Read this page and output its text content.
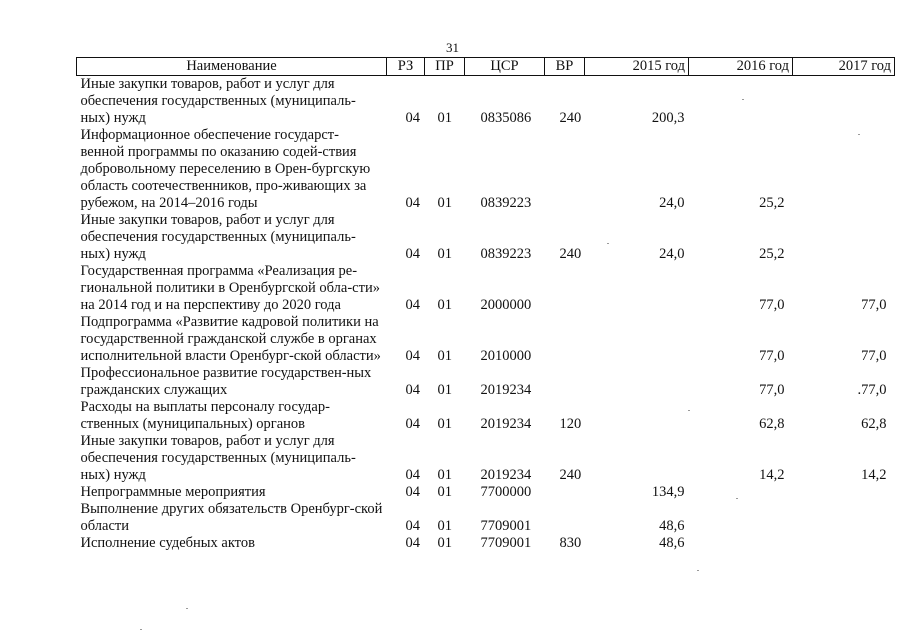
31
Наименование	РЗ	ПР	ЦСР	ВР	2015 год	2016 год	2017 год
Иные закупки товаров, работ и услуг для обеспечения государственных (муниципаль-ных) нужд	04	01	0835086	240	200,3		
Информационное обеспечение государст-венной программы по оказанию содей-ствия добровольному переселению в Орен-бургскую область соотечественников, про-живающих за рубежом, на 2014–2016 годы	04	01	0839223		24,0	25,2	
Иные закупки товаров, работ и услуг для обеспечения государственных (муниципаль-ных) нужд	04	01	0839223	240	24,0	25,2	
Государственная программа «Реализация ре-гиональной политики в Оренбургской обла-сти» на 2014 год и на перспективу до 2020 года	04	01	2000000			77,0	77,0
Подпрограмма «Развитие кадровой политики на государственной гражданской службе в органах исполнительной власти Оренбург-ской области»	04	01	2010000			77,0	77,0
Профессиональное развитие государствен-ных гражданских служащих	04	01	2019234			77,0	.77,0
Расходы на выплаты персоналу государ-ственных (муниципальных) органов	04	01	2019234	120		62,8	62,8
Иные закупки товаров, работ и услуг для обеспечения государственных (муниципаль-ных) нужд	04	01	2019234	240		14,2	14,2
Непрограммные мероприятия	04	01	7700000		134,9		
Выполнение других обязательств Оренбург-ской области	04	01	7709001		48,6		
Исполнение судебных актов	04	01	7709001	830	48,6		
